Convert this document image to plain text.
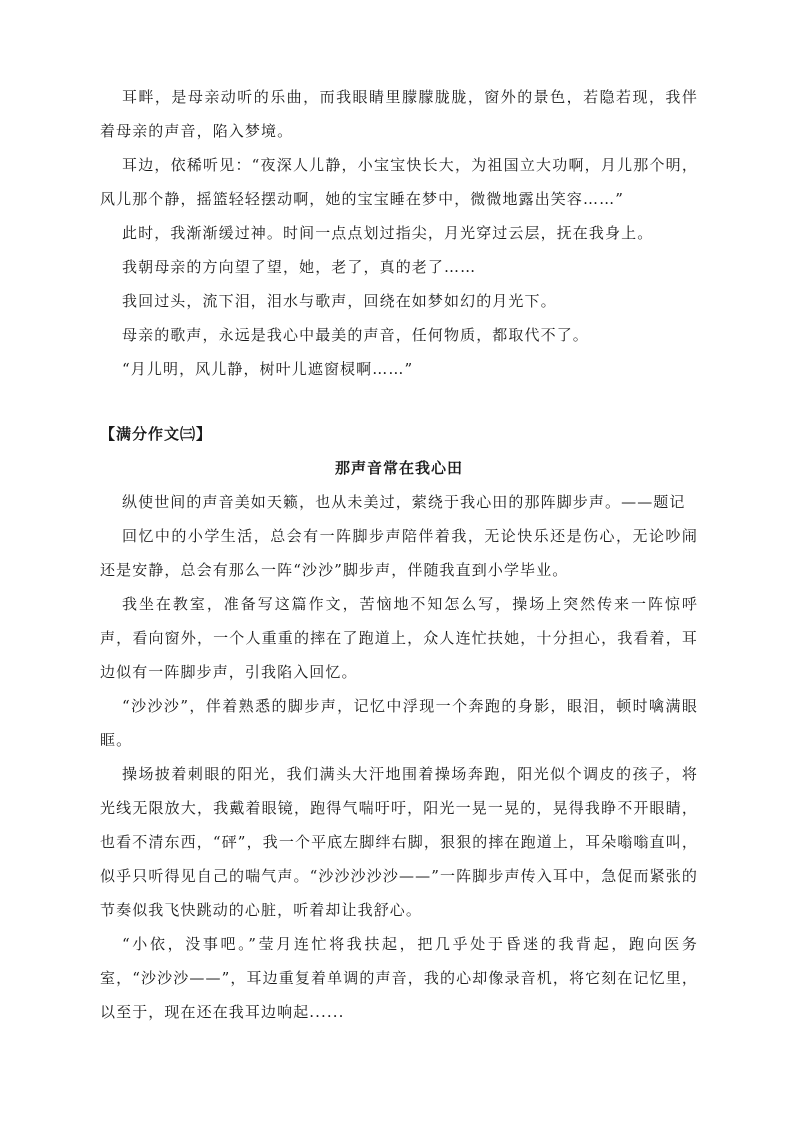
耳畔，是母亲动听的乐曲，而我眼睛里朦朦胧胧，窗外的景色，若隐若现，我伴着母亲的声音，陷入梦境。

耳边，依稀听见：“夜深人儿静，小宝宝快长大，为祖国立大功啊，月儿那个明，风儿那个静，摇篮轻轻摆动啊，她的宝宝睡在梦中，微微地露出笑容……”

此时，我渐渐缓过神。时间一点点划过指尖，月光穿过云层，抚在我身上。

我朝母亲的方向望了望，她，老了，真的老了……

我回过头，流下泪，泪水与歌声，回绕在如梦如幻的月光下。

母亲的歌声，永远是我心中最美的声音，任何物质，都取代不了。

“月儿明，风儿静，树叶儿遮窗棂啊……”

【满分作文㈢】

那声音常在我心田

纵使世间的声音美如天籁，也从未美过，萦绕于我心田的那阵脚步声。——题记

回忆中的小学生活，总会有一阵脚步声陪伴着我，无论快乐还是伤心，无论吵闹还是安静，总会有那么一阵“沙沙”脚步声，伴随我直到小学毕业。

我坐在教室，准备写这篇作文，苦恼地不知怎么写，操场上突然传来一阵惊呼声，看向窗外，一个人重重的摔在了跑道上，众人连忙扶她，十分担心，我看着，耳边似有一阵脚步声，引我陷入回忆。

“沙沙沙”，伴着熟悉的脚步声，记忆中浮现一个奔跑的身影，眼泪，顿时噙满眼眶。

操场披着刺眼的阳光，我们满头大汗地围着操场奔跑，阳光似个调皮的孩子，将光线无限放大，我戴着眼镜，跑得气喘吁吁，阳光一晃一晃的，晃得我睁不开眼睛，也看不清东西，“砰”，我一个平底左脚绊右脚，狠狠的摔在跑道上，耳朵嗡嗡直叫，似乎只听得见自己的喘气声。“沙沙沙沙沙——”一阵脚步声传入耳中，急促而紧张的节奏似我飞快跳动的心脏，听着却让我舒心。

“小依，没事吧。”莹月连忙将我扶起，把几乎处于昏迷的我背起，跑向医务室，“沙沙沙——”，耳边重复着单调的声音，我的心却像录音机，将它刻在记忆里，以至于，现在还在我耳边响起......
